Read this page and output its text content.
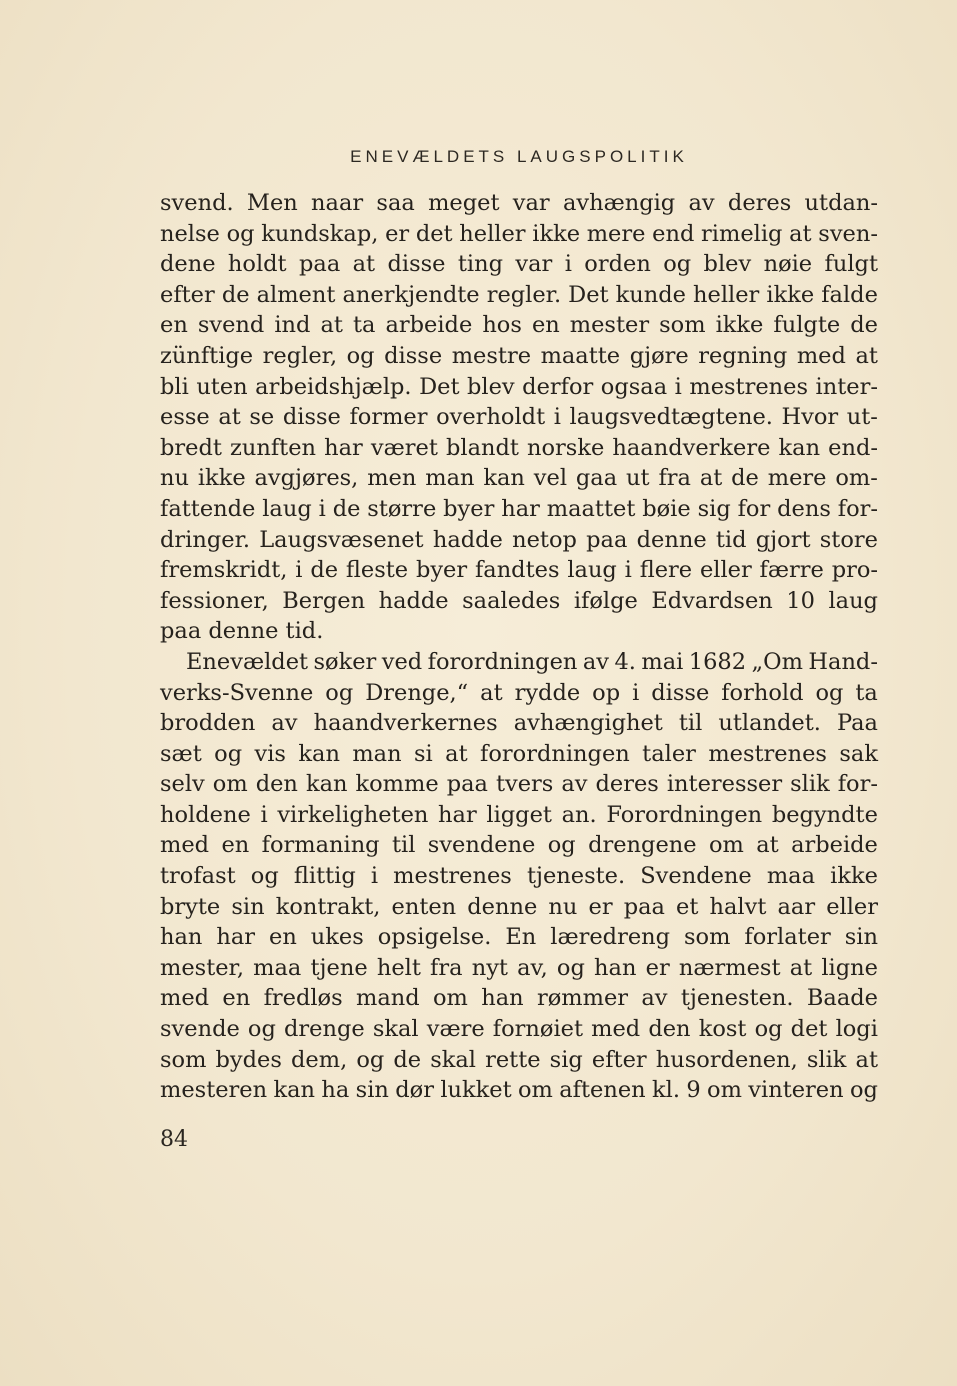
ENEVÆLDETS LAUGSPOLITIK
svend. Men naar saa meget var avhængig av deres utdan-
nelse og kundskap, er det heller ikke mere end rimelig at sven-
dene holdt paa at disse ting var i orden og blev nøie fulgt
efter de alment anerkjendte regler. Det kunde heller ikke falde
en svend ind at ta arbeide hos en mester som ikke fulgte de
zünftige regler, og disse mestre maatte gjøre regning med at
bli uten arbeidshjælp. Det blev derfor ogsaa i mestrenes inter-
esse at se disse former overholdt i laugsvedtægtene. Hvor ut-
bredt zunften har været blandt norske haandverkere kan end-
nu ikke avgjøres, men man kan vel gaa ut fra at de mere om-
fattende laug i de større byer har maattet bøie sig for dens for-
dringer. Laugsvæsenet hadde netop paa denne tid gjort store
fremskridt, i de fleste byer fandtes laug i flere eller færre pro-
fessioner, Bergen hadde saaledes ifølge Edvardsen 10 laug
paa denne tid.
Enevældet søker ved forordningen av 4. mai 1682 „Om Hand-
verks-Svenne og Drenge,“ at rydde op i disse forhold og ta
brodden av haandverkernes avhængighet til utlandet. Paa
sæt og vis kan man si at forordningen taler mestrenes sak
selv om den kan komme paa tvers av deres interesser slik for-
holdene i virkeligheten har ligget an. Forordningen begyndte
med en formaning til svendene og drengene om at arbeide
trofast og flittig i mestrenes tjeneste. Svendene maa ikke
bryte sin kontrakt, enten denne nu er paa et halvt aar eller
han har en ukes opsigelse. En læredreng som forlater sin
mester, maa tjene helt fra nyt av, og han er nærmest at ligne
med en fredløs mand om han rømmer av tjenesten. Baade
svende og drenge skal være fornøiet med den kost og det logi
som bydes dem, og de skal rette sig efter husordenen, slik at
mesteren kan ha sin dør lukket om aftenen kl. 9 om vinteren og
84
